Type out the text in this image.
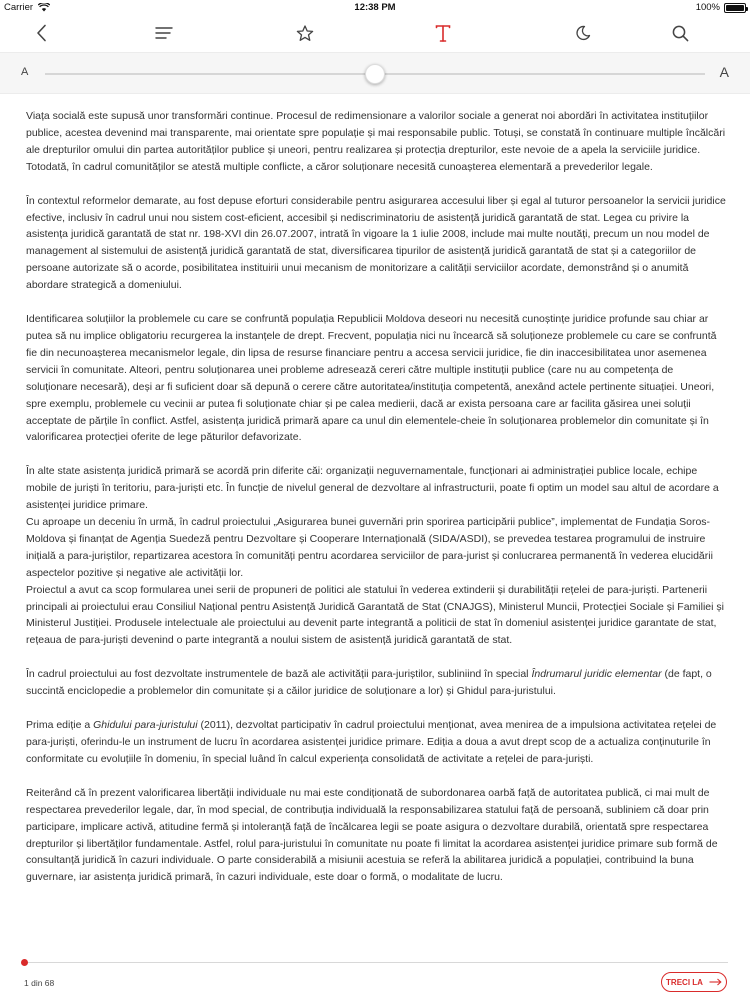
Carrier	12:38 PM	100%
A	A

Viața socială este supusă unor transformări continue. Procesul de redimensionare a valorilor sociale a generat noi abordări în activitatea instituțiilor publice, acestea devenind mai transparente, mai orientate spre populație și mai responsabile public. Totuși, se constată în continuare multiple încălcări ale drepturilor omului din partea autorităților publice și uneori, pentru realizarea și protecția drepturilor, este nevoie de a apela la serviciile juridice. Totodată, în cadrul comunităților se atestă multiple conflicte, a căror soluționare necesită cunoașterea elementară a prevederilor legale.

În contextul reformelor demarate, au fost depuse eforturi considerabile pentru asigurarea accesului liber și egal al tuturor persoanelor la servicii juridice efective, inclusiv în cadrul unui nou sistem cost-eficient, accesibil și nediscriminatoriu de asistență juridică garantată de stat. Legea cu privire la asistența juridică garantată de stat nr. 198-XVI din 26.07.2007, intrată în vigoare la 1 iulie 2008, include mai multe noutăți, precum un nou model de management al sistemului de asistență juridică garantată de stat, diversificarea tipurilor de asistență juridică garantată de stat și a categoriilor de persoane autorizate să o acorde, posibilitatea instituirii unui mecanism de monitorizare a calității serviciilor acordate, demonstrând și o anumită abordare strategică a domeniului.

Identificarea soluțiilor la problemele cu care se confruntă populația Republicii Moldova deseori nu necesită cunoștințe juridice profunde sau chiar ar putea să nu implice obligatoriu recurgerea la instanțele de drept. Frecvent, populația nici nu încearcă să soluționeze problemele cu care se confruntă fie din necunoașterea mecanismelor legale, din lipsa de resurse financiare pentru a accesa servicii juridice, fie din inaccesibilitatea unor asemenea servicii în comunitate. Alteori, pentru soluționarea unei probleme adresează cereri către multiple instituții publice (care nu au competența de soluționare necesară), deși ar fi suficient doar să depună o cerere către autoritatea/instituția competentă, anexând actele pertinente situației. Uneori, spre exemplu, problemele cu vecinii ar putea fi soluționate chiar și pe calea medierii, dacă ar exista persoana care ar facilita găsirea unei soluții acceptate de părțile în conflict. Astfel, asistența juridică primară apare ca unul din elementele-cheie în soluționarea problemelor din comunitate și în valorificarea protecției oferite de lege păturilor defavorizate.

În alte state asistența juridică primară se acordă prin diferite căi: organizații neguvernamentale, funcționari ai administrației publice locale, echipe mobile de juriști în teritoriu, para-juriști etc. În funcție de nivelul general de dezvoltare al infrastructurii, poate fi optim un model sau altul de acordare a asistenței juridice primare.

Cu aproape un deceniu în urmă, în cadrul proiectului „Asigurarea bunei guvernări prin sporirea participării publice”, implementat de Fundația Soros-Moldova și finanțat de Agenția Suedeză pentru Dezvoltare și Cooperare Internațională (SIDA/ASDI), se prevedea testarea programului de instruire inițială a para-juriștilor, repartizarea acestora în comunități pentru acordarea serviciilor de para-jurist și conlucrarea permanentă în vederea elucidării aspectelor pozitive și negative ale activității lor.

Proiectul a avut ca scop formularea unei serii de propuneri de politici ale statului în vederea extinderii și durabilității rețelei de para-juriști. Partenerii principali ai proiectului erau Consiliul Național pentru Asistență Juridică Garantată de Stat (CNAJGS), Ministerul Muncii, Protecției Sociale și Familiei și Ministerul Justiției. Produsele intelectuale ale proiectului au devenit parte integrantă a politicii de stat în domeniul asistenței juridice garantate de stat, rețeaua de para-juriști devenind o parte integrantă a noului sistem de asistență juridică garantată de stat.

În cadrul proiectului au fost dezvoltate instrumentele de bază ale activității para-juriștilor, subliniind în special Îndrumarul juridic elementar (de fapt, o succintă enciclopedie a problemelor din comunitate și a căilor juridice de soluționare a lor) și Ghidul para-juristului.

Prima ediție a Ghidului para-juristului (2011), dezvoltat participativ în cadrul proiectului menționat, avea menirea de a impulsiona activitatea rețelei de para-juriști, oferindu-le un instrument de lucru în acordarea asistenței juridice primare. Ediția a doua a avut drept scop de a actualiza conținuturile în conformitate cu evoluțiile în domeniu, în special luând în calcul experiența consolidată de activitate a rețelei de para-juriști.

Reiterând că în prezent valorificarea libertății individuale nu mai este condiționată de subordonarea oarbă față de autoritatea publică, ci mai mult de respectarea prevederilor legale, dar, în mod special, de contribuția individuală la responsabilizarea statului față de persoană, subliniem că doar prin participare, implicare activă, atitudine fermă și intoleranță față de încălcarea legii se poate asigura o dezvoltare durabilă, orientată spre respectarea drepturilor și libertăților fundamentale. Astfel, rolul para-juristului în comunitate nu poate fi limitat la acordarea asistenței juridice primare sub formă de consultanță juridică în cazuri individuale. O parte considerabilă a misiunii acestuia se referă la abilitarea juridică a populației, contribuind la buna guvernare, iar asistența juridică primară, în cazuri individuale, este doar o formă, o modalitate de lucru.

1 din 68	TRECI LA
